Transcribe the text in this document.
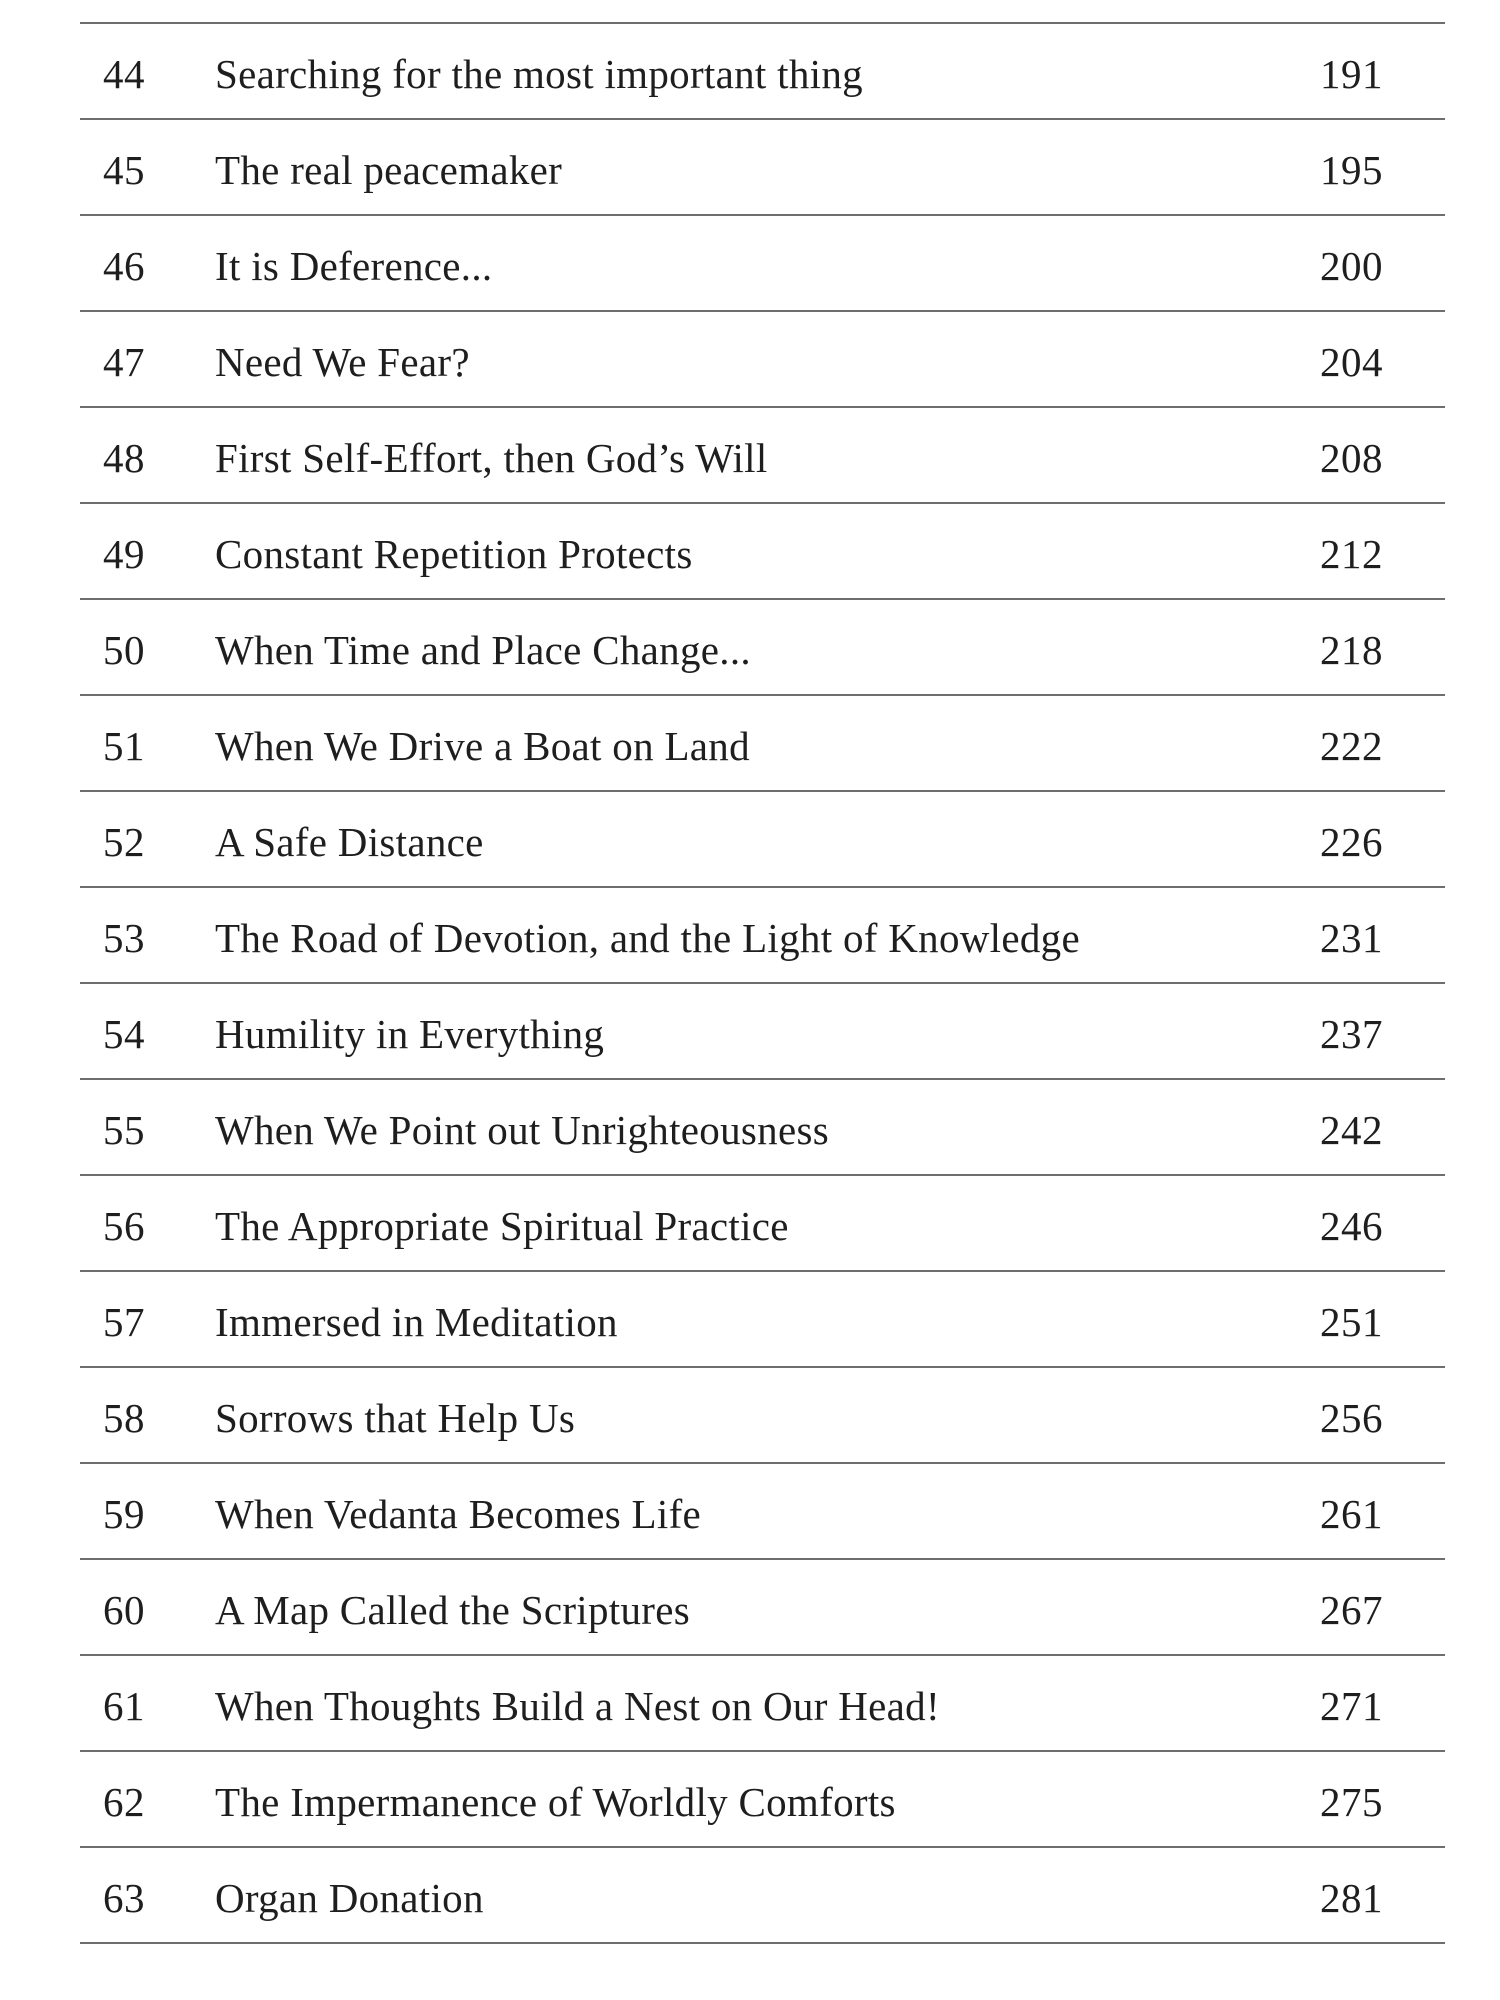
44 Searching for the most important thing	191
45 The real peacemaker	195
46 It is Deference...	200
47 Need We Fear?	204
48 First Self-Effort, then God’s Will	208
49 Constant Repetition Protects	212
50 When Time and Place Change...	218
51 When We Drive a Boat on Land	222
52 A Safe Distance	226
53 The Road of Devotion, and the Light of Knowledge	231
54 Humility in Everything	237
55 When We Point out Unrighteousness	242
56 The Appropriate Spiritual Practice	246
57 Immersed in Meditation	251
58 Sorrows that Help Us	256
59 When Vedanta Becomes Life	261
60 A Map Called the Scriptures	267
61 When Thoughts Build a Nest on Our Head!	271
62 The Impermanence of Worldly Comforts	275
63 Organ Donation	281
